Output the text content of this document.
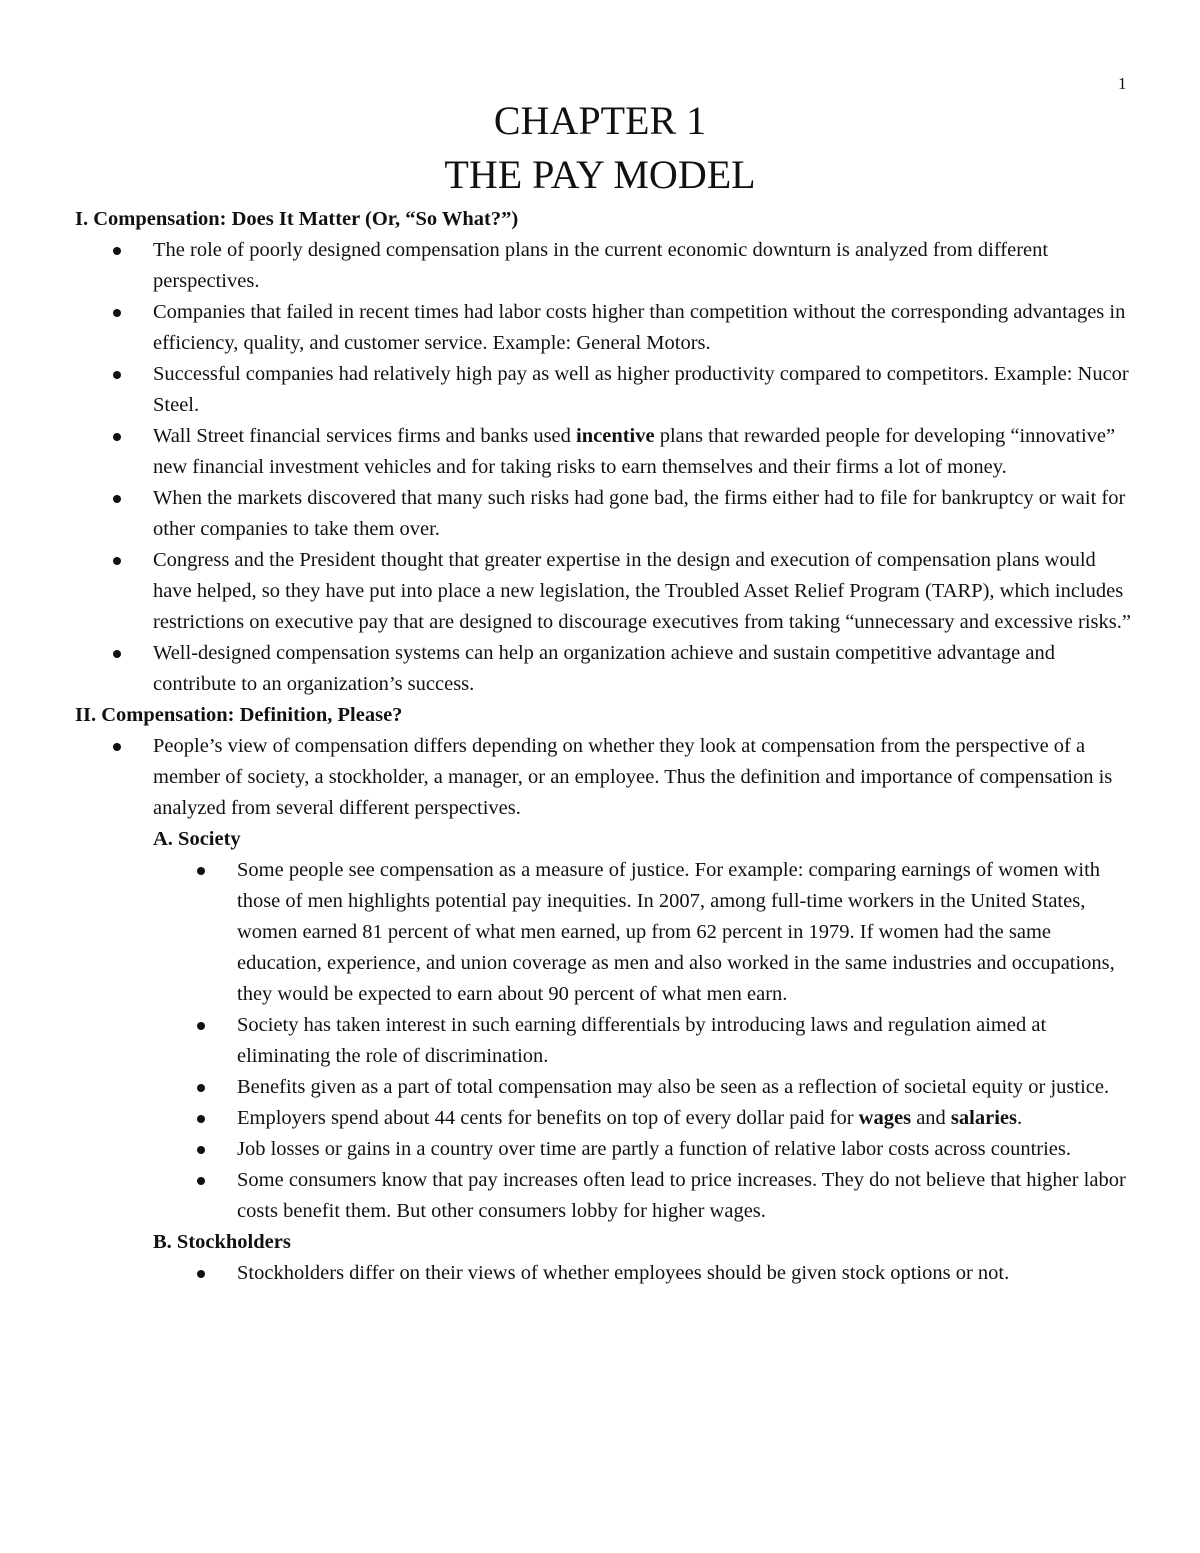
1
CHAPTER 1
THE PAY MODEL
I. Compensation: Does It Matter (Or, “So What?”)
The role of poorly designed compensation plans in the current economic downturn is analyzed from different perspectives.
Companies that failed in recent times had labor costs higher than competition without the corresponding advantages in efficiency, quality, and customer service. Example: General Motors.
Successful companies had relatively high pay as well as higher productivity compared to competitors. Example: Nucor Steel.
Wall Street financial services firms and banks used incentive plans that rewarded people for developing “innovative” new financial investment vehicles and for taking risks to earn themselves and their firms a lot of money.
When the markets discovered that many such risks had gone bad, the firms either had to file for bankruptcy or wait for other companies to take them over.
Congress and the President thought that greater expertise in the design and execution of compensation plans would have helped, so they have put into place a new legislation, the Troubled Asset Relief Program (TARP), which includes restrictions on executive pay that are designed to discourage executives from taking “unnecessary and excessive risks.”
Well-designed compensation systems can help an organization achieve and sustain competitive advantage and contribute to an organization’s success.
II. Compensation: Definition, Please?
People’s view of compensation differs depending on whether they look at compensation from the perspective of a member of society, a stockholder, a manager, or an employee. Thus the definition and importance of compensation is analyzed from several different perspectives.
A. Society
Some people see compensation as a measure of justice. For example: comparing earnings of women with those of men highlights potential pay inequities. In 2007, among full-time workers in the United States, women earned 81 percent of what men earned, up from 62 percent in 1979. If women had the same education, experience, and union coverage as men and also worked in the same industries and occupations, they would be expected to earn about 90 percent of what men earn.
Society has taken interest in such earning differentials by introducing laws and regulation aimed at eliminating the role of discrimination.
Benefits given as a part of total compensation may also be seen as a reflection of societal equity or justice.
Employers spend about 44 cents for benefits on top of every dollar paid for wages and salaries.
Job losses or gains in a country over time are partly a function of relative labor costs across countries.
Some consumers know that pay increases often lead to price increases. They do not believe that higher labor costs benefit them. But other consumers lobby for higher wages.
B. Stockholders
Stockholders differ on their views of whether employees should be given stock options or not.
